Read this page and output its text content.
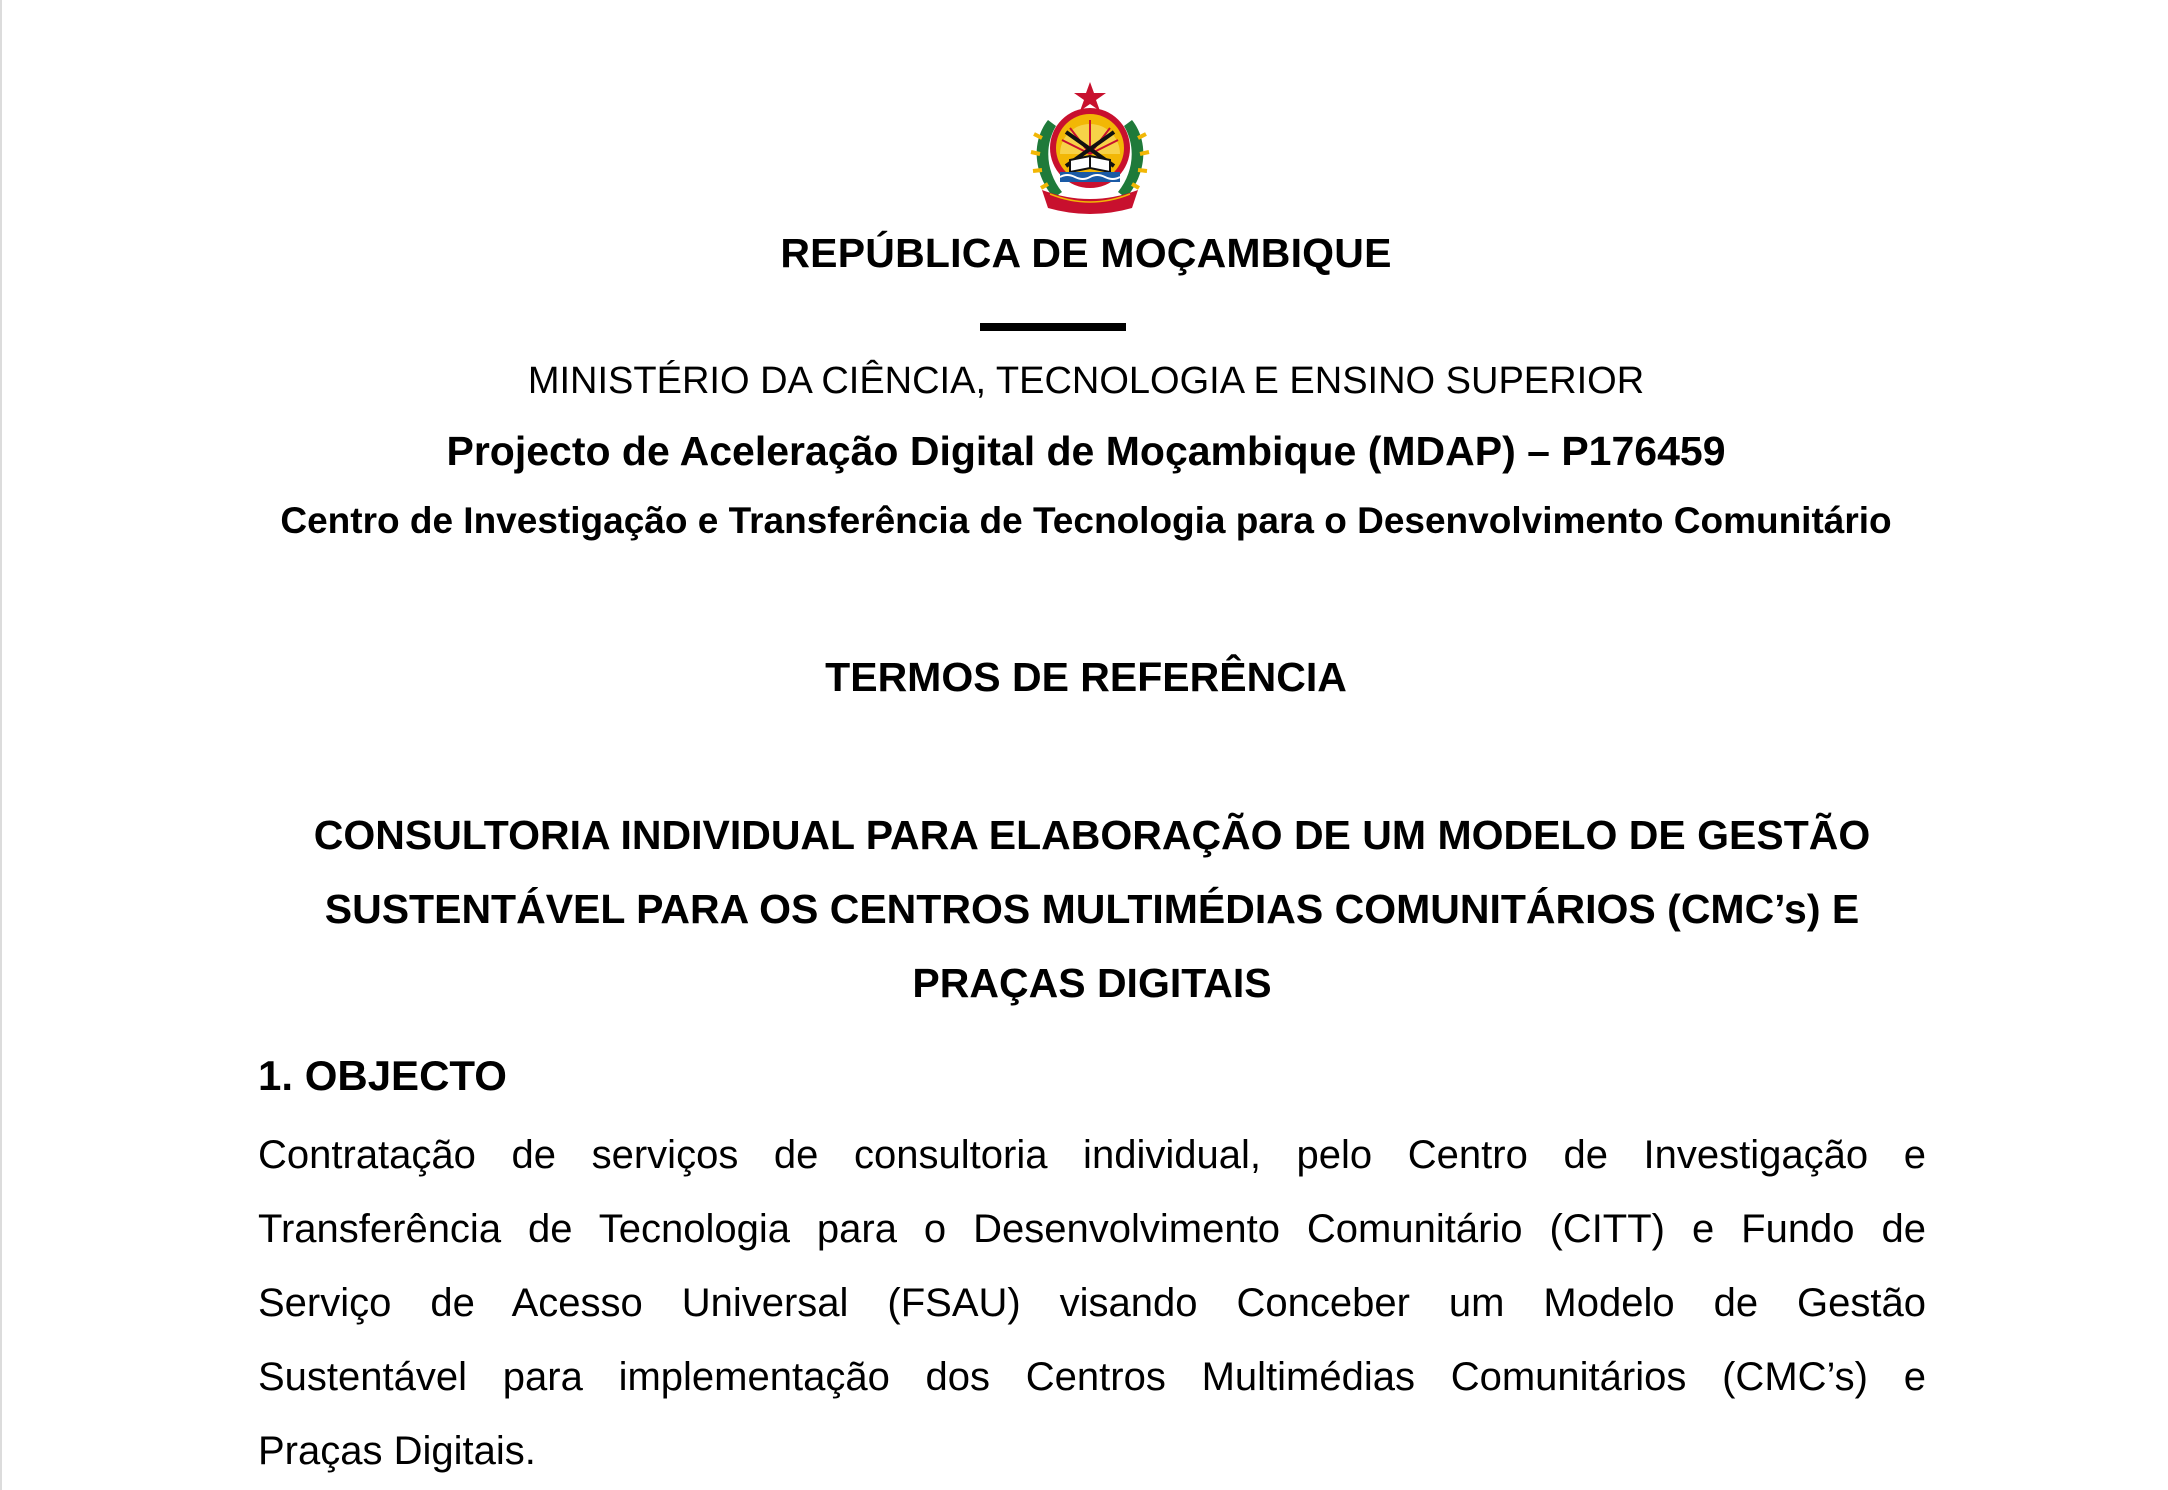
REPÚBLICA DE MOÇAMBIQUE
MINISTÉRIO DA CIÊNCIA, TECNOLOGIA E ENSINO SUPERIOR
Projecto de Aceleração Digital de Moçambique (MDAP) – P176459
Centro de Investigação e Transferência de Tecnologia para o Desenvolvimento Comunitário
TERMOS DE REFERÊNCIA
CONSULTORIA INDIVIDUAL PARA ELABORAÇÃO DE UM MODELO DE GESTÃO
SUSTENTÁVEL PARA OS CENTROS MULTIMÉDIAS COMUNITÁRIOS (CMC’s) E
PRAÇAS DIGITAIS
1. OBJECTO
Contratação de serviços de consultoria individual, pelo Centro de Investigação e
Transferência de Tecnologia para o Desenvolvimento Comunitário (CITT) e Fundo de
Serviço de Acesso Universal (FSAU) visando Conceber um Modelo de Gestão
Sustentável para implementação dos Centros Multimédias Comunitários (CMC’s) e
Praças Digitais.
